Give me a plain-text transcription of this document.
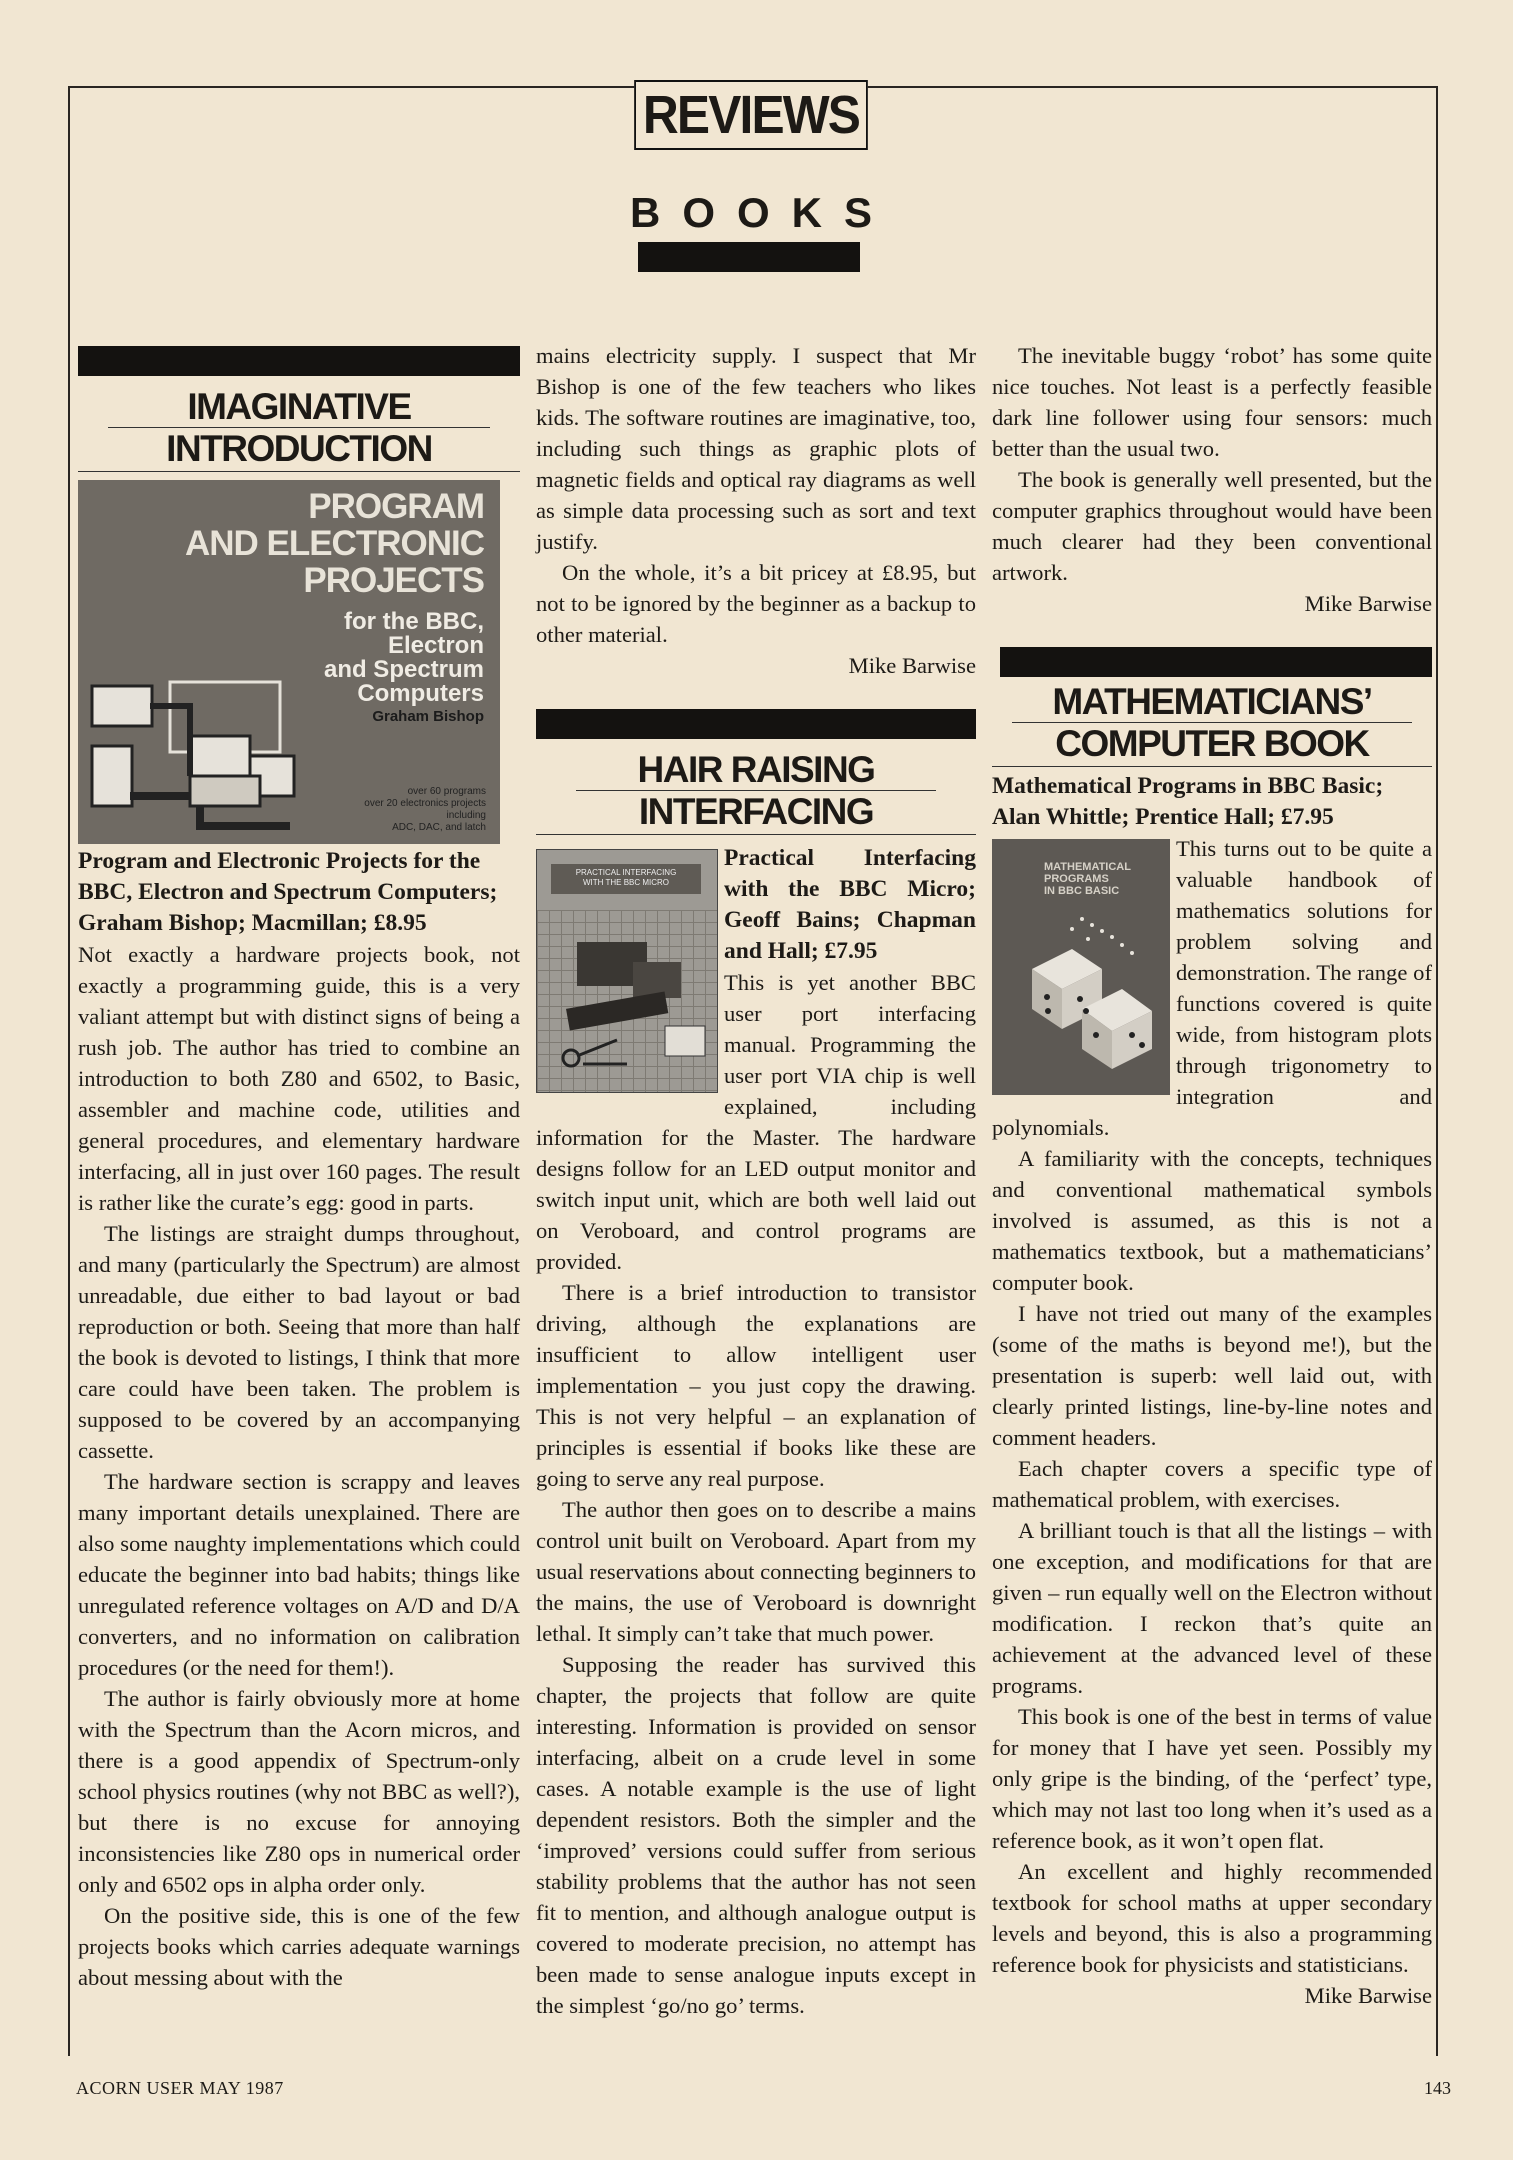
REVIEWS
BOOKS
IMAGINATIVE
INTRODUCTION
PROGRAM
AND ELECTRONIC
PROJECTS
for the BBC,
Electron
and Spectrum
Computers
Graham Bishop
over 60 programs
over 20 electronics projects
including
ADC, DAC, and latch
Program and Electronic Projects for the BBC, Electron and Spectrum Computers; Graham Bishop; Macmillan; £8.95

Not exactly a hardware projects book, not exactly a programming guide, this is a very valiant attempt but with distinct signs of being a rush job. The author has tried to combine an introduction to both Z80 and 6502, to Basic, assembler and machine code, utilities and general procedures, and elementary hardware interfacing, all in just over 160 pages. The result is rather like the curate’s egg: good in parts.

The listings are straight dumps throughout, and many (particularly the Spectrum) are almost unreadable, due either to bad layout or bad reproduction or both. Seeing that more than half the book is devoted to listings, I think that more care could have been taken. The problem is supposed to be covered by an accompanying cassette.

The hardware section is scrappy and leaves many important details unexplained. There are also some naughty implementations which could educate the beginner into bad habits; things like unregulated reference voltages on A/D and D/A converters, and no information on calibration procedures (or the need for them!).

The author is fairly obviously more at home with the Spectrum than the Acorn micros, and there is a good appendix of Spectrum-only school physics routines (why not BBC as well?), but there is no excuse for annoying inconsistencies like Z80 ops in numerical order only and 6502 ops in alpha order only.

On the positive side, this is one of the few projects books which carries adequate warnings about messing about with the

mains electricity supply. I suspect that Mr Bishop is one of the few teachers who likes kids. The software routines are imaginative, too, including such things as graphic plots of magnetic fields and optical ray diagrams as well as simple data processing such as sort and text justify.

On the whole, it’s a bit pricey at £8.95, but not to be ignored by the beginner as a backup to other material.

Mike Barwise
HAIR RAISING
INTERFACING
PRACTICAL INTERFACING
WITH THE BBC MICRO
Practical Interfacing with the BBC Micro; Geoff Bains; Chapman and Hall; £7.95

This is yet another BBC user port interfacing manual. Programming the user port VIA chip is well explained, including information for the Master. The hardware designs follow for an LED output monitor and switch input unit, which are both well laid out on Veroboard, and control programs are provided.

There is a brief introduction to transistor driving, although the explanations are insufficient to allow intelligent user implementation – you just copy the drawing. This is not very helpful – an explanation of principles is essential if books like these are going to serve any real purpose.

The author then goes on to describe a mains control unit built on Veroboard. Apart from my usual reservations about connecting beginners to the mains, the use of Veroboard is downright lethal. It simply can’t take that much power.

Supposing the reader has survived this chapter, the projects that follow are quite interesting. Information is provided on sensor interfacing, albeit on a crude level in some cases. A notable example is the use of light dependent resistors. Both the simpler and the ‘improved’ versions could suffer from serious stability problems that the author has not seen fit to mention, and although analogue output is covered to moderate precision, no attempt has been made to sense analogue inputs except in the simplest ‘go/no go’ terms.

The inevitable buggy ‘robot’ has some quite nice touches. Not least is a perfectly feasible dark line follower using four sensors: much better than the usual two.

The book is generally well presented, but the computer graphics throughout would have been much clearer had they been conventional artwork.

Mike Barwise
MATHEMATICIANS’
COMPUTER BOOK
Mathematical Programs in BBC Basic; Alan Whittle; Prentice Hall; £7.95
MATHEMATICAL
PROGRAMS
IN BBC BASIC

This turns out to be quite a valuable handbook of mathematics solutions for problem solving and demonstration. The range of functions covered is quite wide, from histogram plots through trigonometry to integration and polynomials.

A familiarity with the concepts, techniques and conventional mathematical symbols involved is assumed, as this is not a mathematics textbook, but a mathematicians’ computer book.

I have not tried out many of the examples (some of the maths is beyond me!), but the presentation is superb: well laid out, with clearly printed listings, line-by-line notes and comment headers.

Each chapter covers a specific type of mathematical problem, with exercises.

A brilliant touch is that all the listings – with one exception, and modifications for that are given – run equally well on the Electron without modification. I reckon that’s quite an achievement at the advanced level of these programs.

This book is one of the best in terms of value for money that I have yet seen. Possibly my only gripe is the binding, of the ‘perfect’ type, which may not last too long when it’s used as a reference book, as it won’t open flat.

An excellent and highly recommended textbook for school maths at upper secondary levels and beyond, this is also a programming reference book for physicists and statisticians.

Mike Barwise
ACORN USER MAY 1987	143
